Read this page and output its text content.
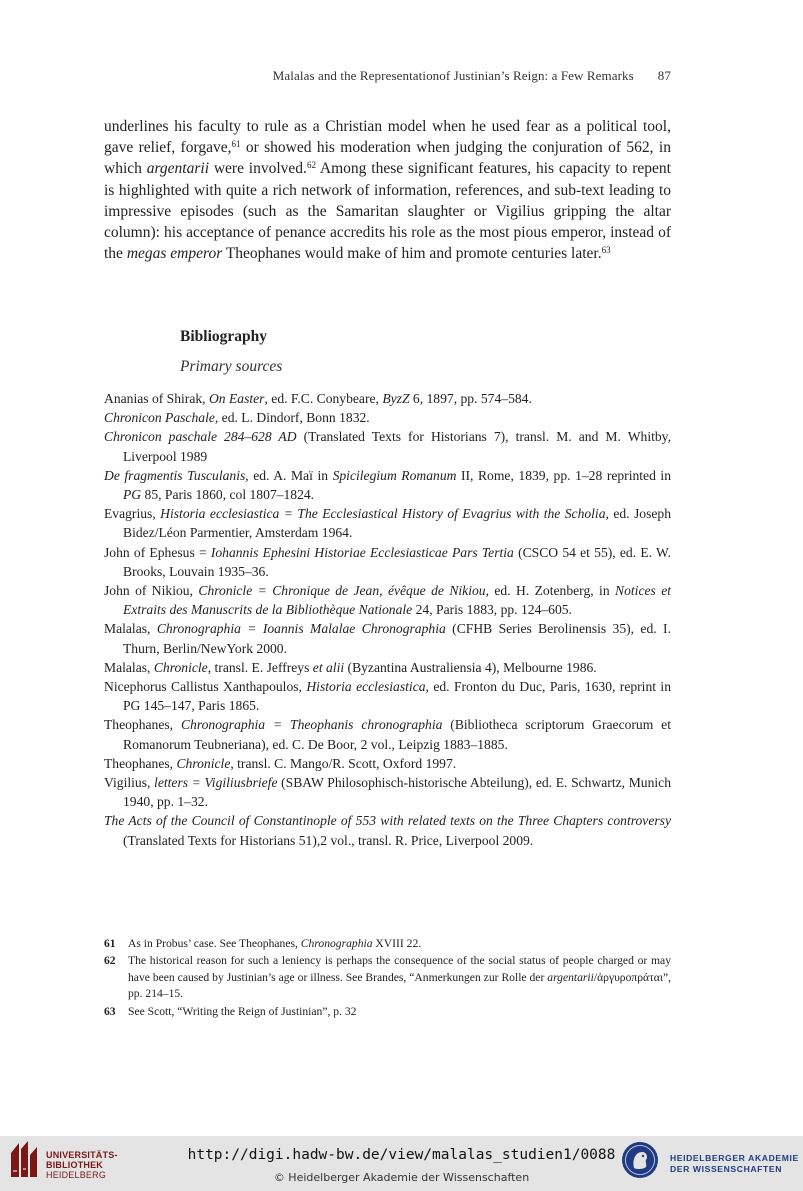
Malalas and the Representationof Justinian’s Reign: a Few Remarks 87
underlines his faculty to rule as a Christian model when he used fear as a political tool, gave relief, forgave,$^{61}$ or showed his moderation when judging the conjuration of 562, in which argentarii were involved.$^{62}$ Among these significant features, his capacity to repent is highlighted with quite a rich network of information, references, and sub-text leading to impressive episodes (such as the Samaritan slaughter or Vigilius gripping the altar column): his acceptance of penance accredits his role as the most pious emperor, instead of the megas emperor Theophanes would make of him and promote centuries later.$^{63}$
Bibliography
Primary sources
Ananias of Shirak, On Easter, ed. F.C. Conybeare, ByzZ 6, 1897, pp. 574–584.
Chronicon Paschale, ed. L. Dindorf, Bonn 1832.
Chronicon paschale 284–628 AD (Translated Texts for Historians 7), transl. M. and M. Whitby, Liverpool 1989
De fragmentis Tusculanis, ed. A. Maï in Spicilegium Romanum II, Rome, 1839, pp. 1–28 reprinted in PG 85, Paris 1860, col 1807–1824.
Evagrius, Historia ecclesiastica = The Ecclesiastical History of Evagrius with the Scholia, ed. Joseph Bidez/Léon Parmentier, Amsterdam 1964.
John of Ephesus = Iohannis Ephesini Historiae Ecclesiasticae Pars Tertia (CSCO 54 et 55), ed. E. W. Brooks, Louvain 1935–36.
John of Nikiou, Chronicle = Chronique de Jean, évêque de Nikiou, ed. H. Zotenberg, in Notices et Extraits des Manuscrits de la Bibliothèque Nationale 24, Paris 1883, pp. 124–605.
Malalas, Chronographia = Ioannis Malalae Chronographia (CFHB Series Berolinensis 35), ed. I. Thurn, Berlin/NewYork 2000.
Malalas, Chronicle, transl. E. Jeffreys et alii (Byzantina Australiensia 4), Melbourne 1986.
Nicephorus Callistus Xanthapoulos, Historia ecclesiastica, ed. Fronton du Duc, Paris, 1630, reprint in PG 145–147, Paris 1865.
Theophanes, Chronographia = Theophanis chronographia (Bibliotheca scriptorum Graecorum et Romanorum Teubneriana), ed. C. De Boor, 2 vol., Leipzig 1883–1885.
Theophanes, Chronicle, transl. C. Mango/R. Scott, Oxford 1997.
Vigilius, letters = Vigiliusbriefe (SBAW Philosophisch-historische Abteilung), ed. E. Schwartz, Munich 1940, pp. 1–32.
The Acts of the Council of Constantinople of 553 with related texts on the Three Chapters controversy (Translated Texts for Historians 51),2 vol., transl. R. Price, Liverpool 2009.
61 As in Probus’ case. See Theophanes, Chronographia XVIII 22.
62 The historical reason for such a leniency is perhaps the consequence of the social status of people charged or may have been caused by Justinian’s age or illness. See Brandes, “Anmerkungen zur Rolle der argentarii/ἀργυροπράται”, pp. 214–15.
63 See Scott, “Writing the Reign of Justinian”, p. 32
UNIVERSITÄTS-
BIBLIOTHEK
HEIDELBERG
http://digi.hadw-bw.de/view/malalas_studien1/0088
© Heidelberger Akademie der Wissenschaften
HEIDELBERGER AKADEMIE
DER WISSENSCHAFTEN
